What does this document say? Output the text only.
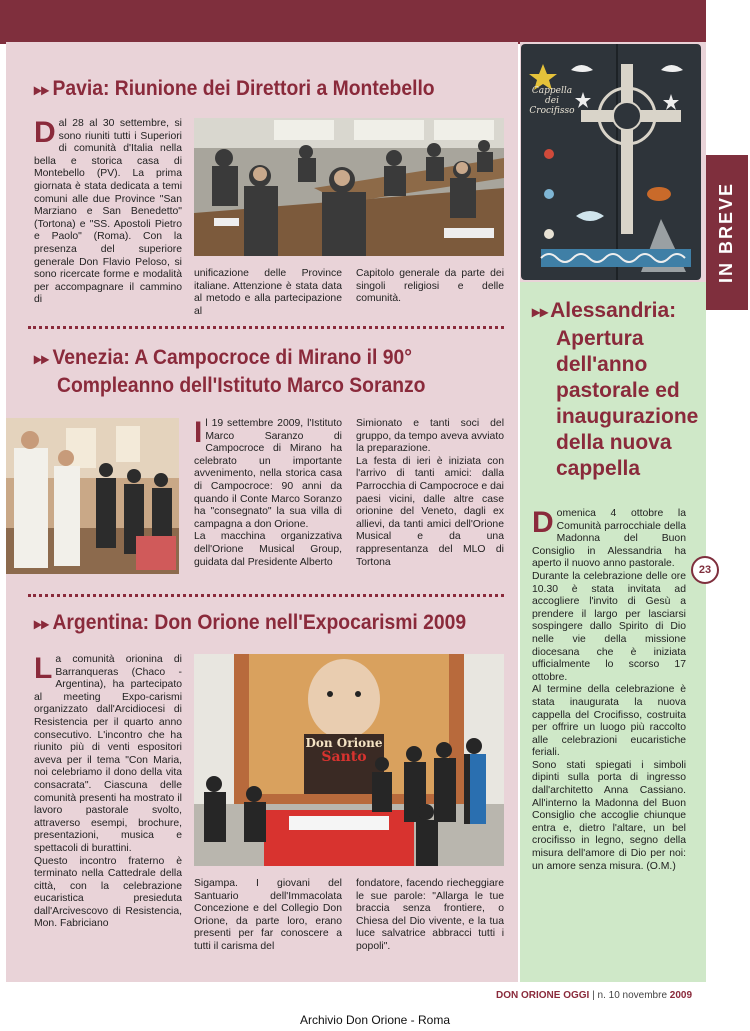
IN BREVE
23
▸▸ Pavia: Riunione dei Direttori a Montebello
Dal 28 al 30 settembre, si sono riuniti tutti i Superiori di comunità d'Italia nella bella e storica casa di Montebello (PV). La prima giornata è stata dedicata a temi comuni alle due Province "San Marziano e San Benedetto" (Tortona) e "SS. Apostoli Pietro e Paolo" (Roma). Con la presenza del superiore generale Don Flavio Peloso, si sono ricercate forme e modalità per accompagnare il cammino di
unificazione delle Province italiane. Attenzione è stata data al metodo e alla partecipazione al
Capitolo generale da parte dei singoli religiosi e delle comunità.
▸▸ Venezia: A Campocroce di Mirano il 90°
Compleanno dell'Istituto Marco Soranzo
Il 19 settembre 2009, l'Istituto Marco Saranzo di Campocroce di Mirano ha celebrato un importante avvenimento, nella storica casa di Campocroce: 90 anni da quando il Conte Marco Soranzo ha "consegnato" la sua villa di campagna a don Orione.

La macchina organizzativa dell'Orione Musical Group, guidata dal Presidente Alberto

Simionato e tanti soci del gruppo, da tempo aveva avviato la preparazione.

La festa di ieri è iniziata con l'arrivo di tanti amici: dalla Parrocchia di Campocroce e dai paesi vicini, dalle altre case orionine del Veneto, dagli ex allievi, da tanti amici dell'Orione Musical e da una rappresentanza del MLO di Tortona

▸▸ Argentina: Don Orione nell'Expocarismi 2009
La comunità orionina di Barranqueras (Chaco - Argentina), ha partecipato al meeting Expo-carismi organizzato dall'Arcidiocesi di Resistencia per il quarto anno consecutivo. L'incontro che ha riunito più di venti espositori aveva per il tema "Con Maria, noi celebriamo il dono della vita consacrata". Ciascuna delle comunità presenti ha mostrato il lavoro pastorale svolto, attraverso esempi, brochure, presentazioni, musica e spettacoli di burattini.

Questo incontro fraterno è terminato nella Cattedrale della città, con la celebrazione eucaristica presieduta dall'Arcivescovo di Resistencia, Mon. Fabriciano

Don Orione
Santo
Sigampa. I giovani del Santuario dell'Immacolata Concezione e del Collegio Don Orione, da parte loro, erano presenti per far conoscere a tutti il carisma del
fondatore, facendo riecheggiare le sue parole: "Allarga le tue braccia senza frontiere, o Chiesa del Dio vivente, e la tua luce salvatrice abbracci tutti i popoli".
Cappella
dei
Crocifisso
▸▸Alessandria:
Apertura
dell'anno
pastorale ed
inaugurazione
della nuova
cappella
Domenica 4 ottobre la Comunità parrocchiale della Madonna del Buon Consiglio in Alessandria ha aperto il nuovo anno pastorale.

Durante la celebrazione delle ore 10.30 è stata invitata ad accogliere l'invito di Gesù a prendere il largo per lasciarsi sospingere dallo Spirito di Dio nelle vie della missione diocesana che è iniziata ufficialmente lo scorso 17 ottobre.

Al termine della celebrazione è stata inaugurata la nuova cappella del Crocifisso, costruita per offrire un luogo più raccolto alle celebrazioni eucaristiche feriali.

Sono stati spiegati i simboli dipinti sulla porta di ingresso dall'architetto Anna Cassiano. All'interno la Madonna del Buon Consiglio che accoglie chiunque entra e, dietro l'altare, un bel crocifisso in legno, segno della misura dell'amore di Dio per noi: un amore senza misura. (O.M.)

DON ORIONE OGGI | n. 10 novembre 2009
Archivio Don Orione - Roma
